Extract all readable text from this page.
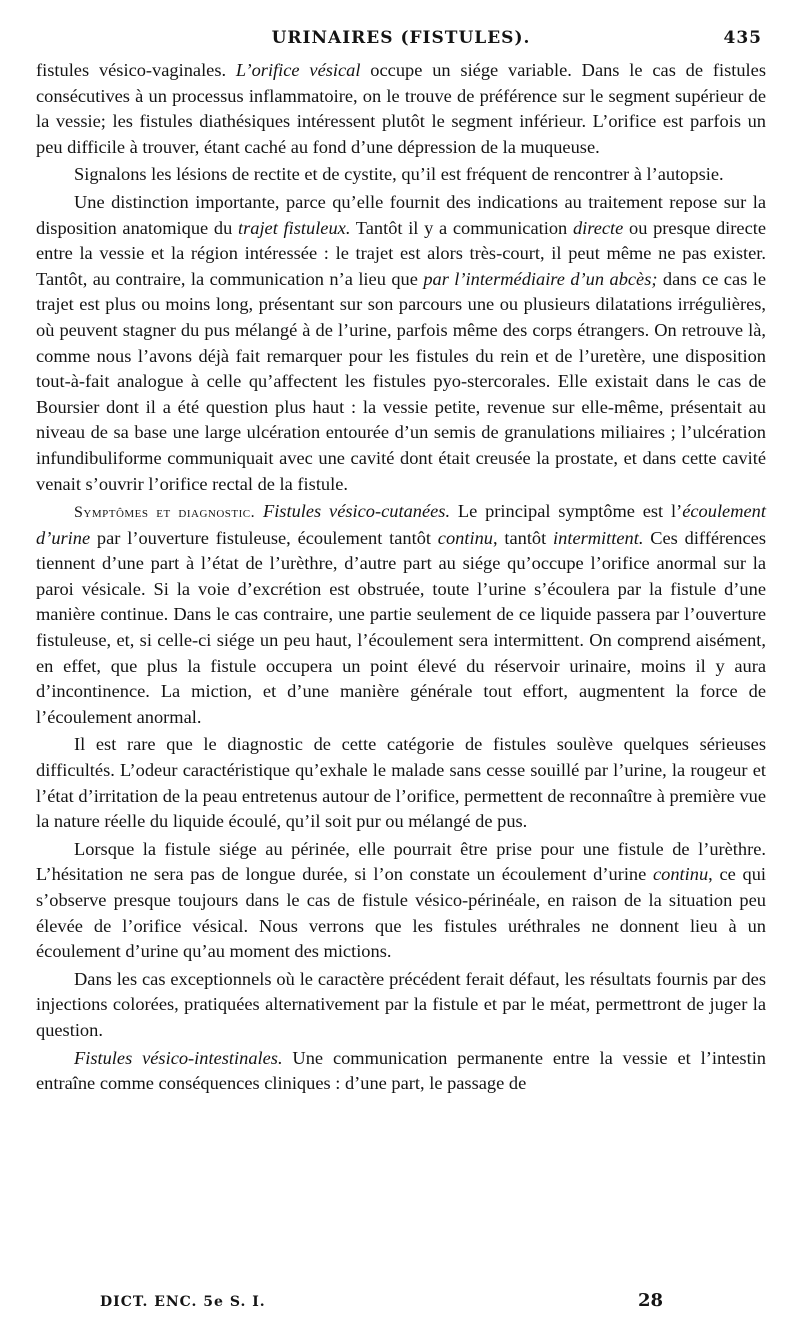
URINAIRES (FISTULES).	435

fistules vésico-vaginales. L’orifice vésical occupe un siége variable. Dans le cas de fistules consécutives à un processus inflammatoire, on le trouve de préférence sur le segment supérieur de la vessie; les fistules diathésiques intéressent plutôt le segment inférieur. L’orifice est parfois un peu difficile à trouver, étant caché au fond d’une dépression de la muqueuse.

Signalons les lésions de rectite et de cystite, qu’il est fréquent de rencontrer à l’autopsie.

Une distinction importante, parce qu’elle fournit des indications au traitement repose sur la disposition anatomique du trajet fistuleux. Tantôt il y a communication directe ou presque directe entre la vessie et la région intéressée : le trajet est alors très-court, il peut même ne pas exister. Tantôt, au contraire, la communication n’a lieu que par l’intermédiaire d’un abcès; dans ce cas le trajet est plus ou moins long, présentant sur son parcours une ou plusieurs dilatations irrégulières, où peuvent stagner du pus mélangé à de l’urine, parfois même des corps étrangers. On retrouve là, comme nous l’avons déjà fait remarquer pour les fistules du rein et de l’uretère, une disposition tout-à-fait analogue à celle qu’affectent les fistules pyo-stercorales. Elle existait dans le cas de Boursier dont il a été question plus haut : la vessie petite, revenue sur elle-même, présentait au niveau de sa base une large ulcération entourée d’un semis de granulations miliaires ; l’ulcération infundibuliforme communiquait avec une cavité dont était creusée la prostate, et dans cette cavité venait s’ouvrir l’orifice rectal de la fistule.

Symptômes et diagnostic. Fistules vésico-cutanées. Le principal symptôme est l’écoulement d’urine par l’ouverture fistuleuse, écoulement tantôt continu, tantôt intermittent. Ces différences tiennent d’une part à l’état de l’urèthre, d’autre part au siége qu’occupe l’orifice anormal sur la paroi vésicale. Si la voie d’excrétion est obstruée, toute l’urine s’écoulera par la fistule d’une manière continue. Dans le cas contraire, une partie seulement de ce liquide passera par l’ouverture fistuleuse, et, si celle-ci siége un peu haut, l’écoulement sera intermittent. On comprend aisément, en effet, que plus la fistule occupera un point élevé du réservoir urinaire, moins il y aura d’incontinence. La miction, et d’une manière générale tout effort, augmentent la force de l’écoulement anormal.

Il est rare que le diagnostic de cette catégorie de fistules soulève quelques sérieuses difficultés. L’odeur caractéristique qu’exhale le malade sans cesse souillé par l’urine, la rougeur et l’état d’irritation de la peau entretenus autour de l’orifice, permettent de reconnaître à première vue la nature réelle du liquide écoulé, qu’il soit pur ou mélangé de pus.

Lorsque la fistule siége au périnée, elle pourrait être prise pour une fistule de l’urèthre. L’hésitation ne sera pas de longue durée, si l’on constate un écoulement d’urine continu, ce qui s’observe presque toujours dans le cas de fistule vésico-périnéale, en raison de la situation peu élevée de l’orifice vésical. Nous verrons que les fistules uréthrales ne donnent lieu à un écoulement d’urine qu’au moment des mictions.

Dans les cas exceptionnels où le caractère précédent ferait défaut, les résultats fournis par des injections colorées, pratiquées alternativement par la fistule et par le méat, permettront de juger la question.

Fistules vésico-intestinales. Une communication permanente entre la vessie et l’intestin entraîne comme conséquences cliniques : d’une part, le passage de

DICT. ENC. 5e S. I.	28
